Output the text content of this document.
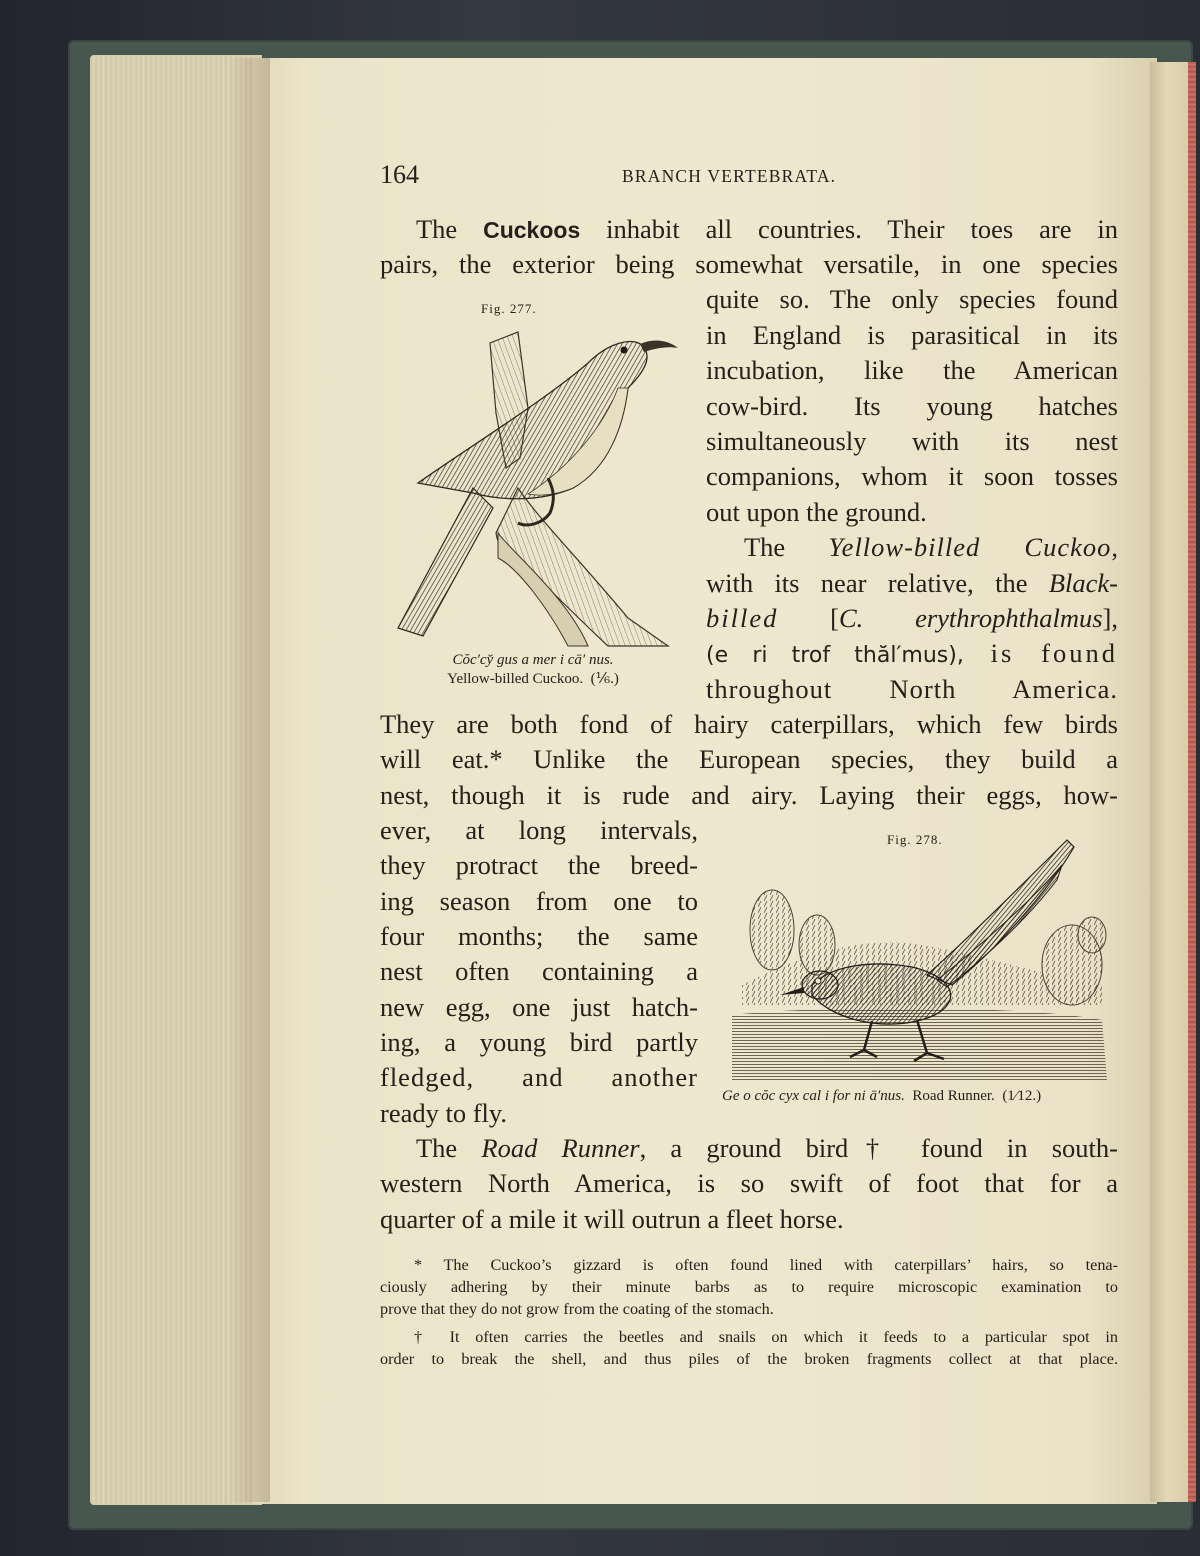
164	BRANCH VERTEBRATA.
The Cuckoos inhabit all countries. Their toes are in
pairs, the exterior being somewhat versatile, in one species
quite so. The only species found
in England is parasitical in its
incubation, like the American
cow-bird. Its young hatches
simultaneously with its nest
companions, whom it soon tosses
out upon the ground.
The Yellow-billed Cuckoo,
with its near relative, the Black-
billed [C. erythrophthalmus],
(e ri trof thăl′mus), is found
throughout North America.
They are both fond of hairy caterpillars, which few birds
will eat.* Unlike the European species, they build a
nest, though it is rude and airy. Laying their eggs, how-
ever, at long intervals,
they protract the breed-
ing season from one to
four months; the same
nest often containing a
new egg, one just hatch-
ing, a young bird partly
fledged, and another
ready to fly.
The Road Runner, a ground bird† found in south-
western North America, is so swift of foot that for a
quarter of a mile it will outrun a fleet horse.
* The Cuckoo’s gizzard is often found lined with caterpillars’ hairs, so tena-
ciously adhering by their minute barbs as to require microscopic examination to
prove that they do not grow from the coating of the stomach.
† It often carries the beetles and snails on which it feeds to a particular spot in
order to break the shell, and thus piles of the broken fragments collect at that place.
Fig. 277.
Cŏc′cy̆ gus a mer i cā′ nus.
Yellow-billed Cuckoo. (⅙.)
Fig. 278.
Ge o cŏc cyx cal i for ni ā′nus. Road Runner. (1⁄12.)
